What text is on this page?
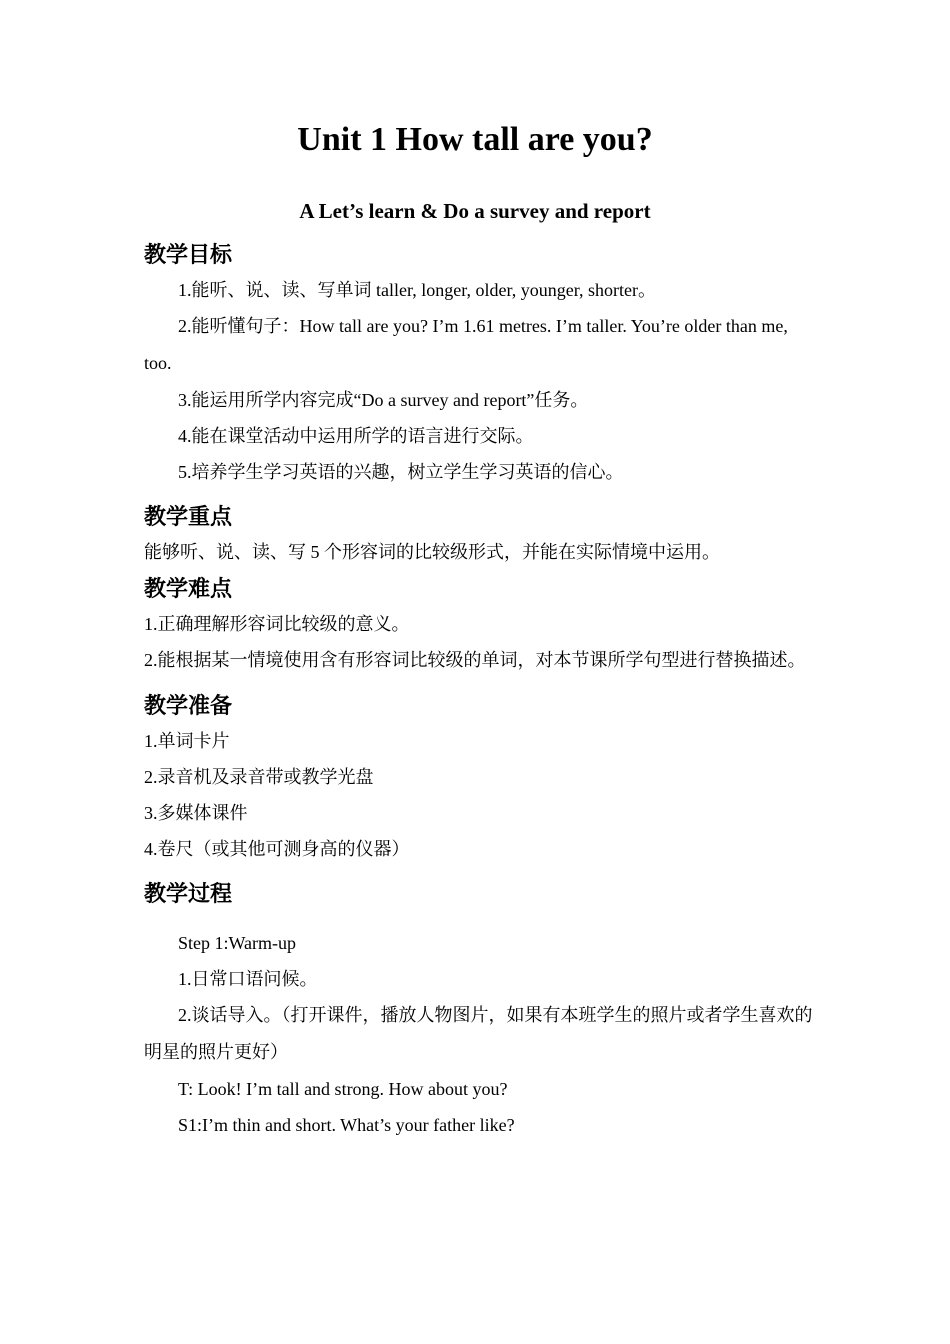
Unit 1 How tall are you?
A Let’s learn & Do a survey and report
教学目标

1.能听、说、读、写单词 taller, longer, older, younger, shorter。

2.能听懂句子：How tall are you? I’m 1.61 metres. I’m taller. You’re older than me, too.

3.能运用所学内容完成“Do a survey and report”任务。

4.能在课堂活动中运用所学的语言进行交际。

5.培养学生学习英语的兴趣，树立学生学习英语的信心。

教学重点

能够听、说、读、写 5 个形容词的比较级形式，并能在实际情境中运用。

教学难点

1.正确理解形容词比较级的意义。

2.能根据某一情境使用含有形容词比较级的单词，对本节课所学句型进行替换描述。

教学准备

1.单词卡片

2.录音机及录音带或教学光盘

3.多媒体课件

4.卷尺（或其他可测身高的仪器）

教学过程

Step 1:Warm-up

1.日常口语问候。

2.谈话导入。（打开课件，播放人物图片，如果有本班学生的照片或者学生喜欢的明星的照片更好）

T: Look! I’m tall and strong. How about you?

S1:I’m thin and short. What’s your father like?
